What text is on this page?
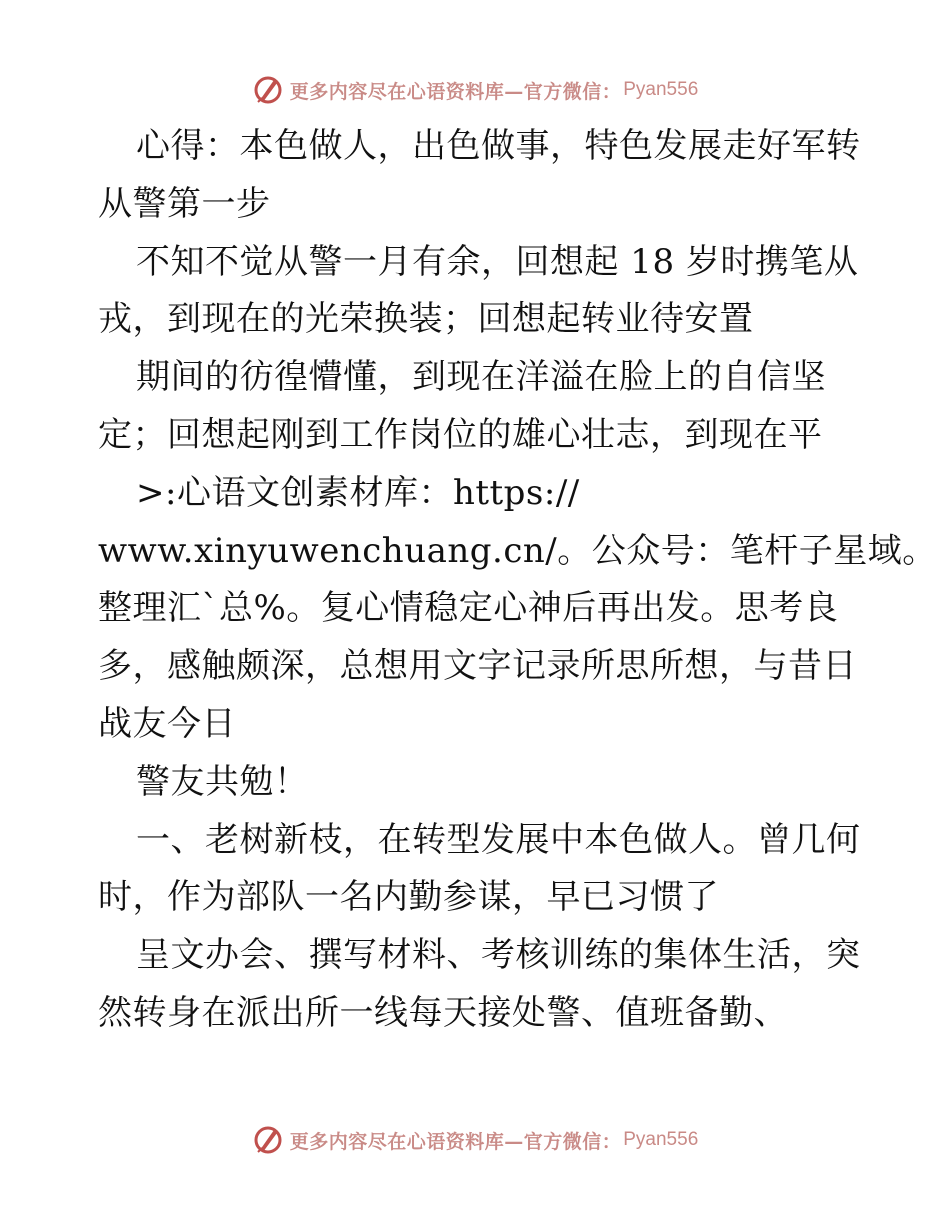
更多内容尽在心语资料库—官方微信： Pyan556
心得：本色做人，出色做事，特色发展走好军转
从警第一步
不知不觉从警一月有余，回想起 18 岁时携笔从
戎，到现在的光荣换装；回想起转业待安置
期间的彷徨懵懂，到现在洋溢在脸上的自信坚
定；回想起刚到工作岗位的雄心壮志，到现在平
>:心语文创素材库：https://
www.xinyuwenchuang.cn/。公众号：笔杆子星域。
整理汇`总%。复心情稳定心神后再出发。思考良
多，感触颇深，总想用文字记录所思所想，与昔日
战友今日
警友共勉！
一、老树新枝，在转型发展中本色做人。曾几何
时，作为部队一名内勤参谋，早已习惯了
呈文办会、撰写材料、考核训练的集体生活，突
然转身在派出所一线每天接处警、值班备勤、
更多内容尽在心语资料库—官方微信： Pyan556
